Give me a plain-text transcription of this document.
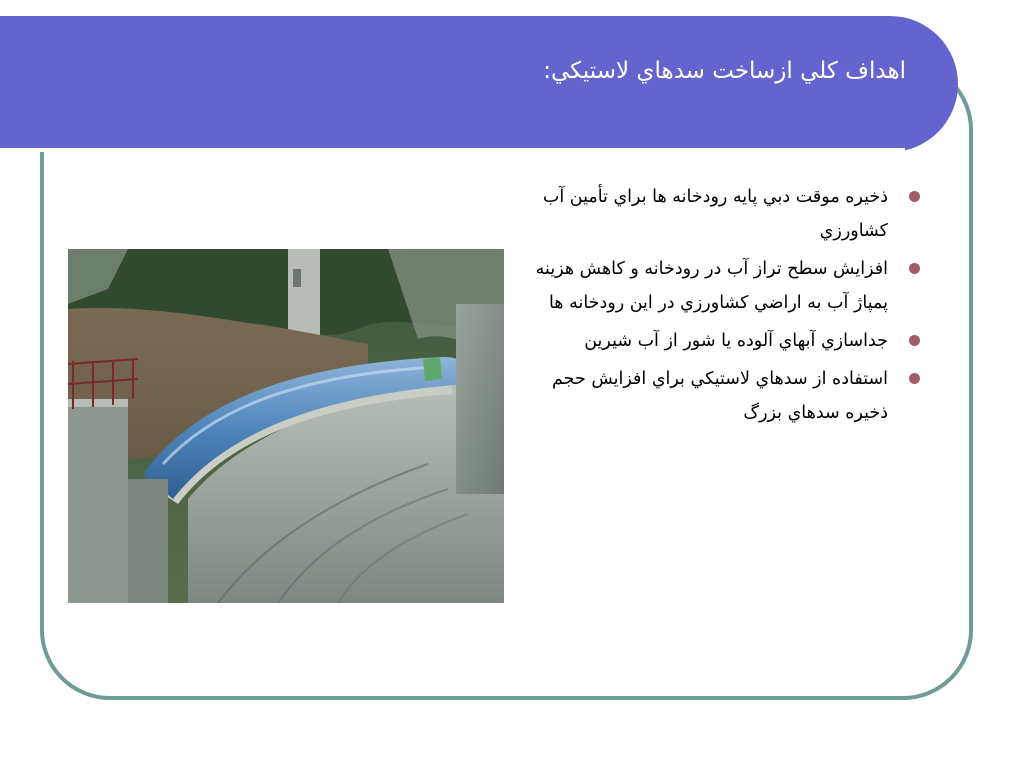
اهداف كلي ازساخت سدهاي لاستيكي:
ذخيره موقت دبي پايه رودخانه ها براي تأمين آب كشاورزي
افزايش سطح تراز آب در رودخانه و كاهش هزينه پمپاژ آب به اراضي كشاورزي در اين رودخانه ها
جداسازي آبهاي آلوده يا شور از آب شيرين
استفاده از سدهاي لاستيكي براي افزايش حجم ذخيره سدهاي بزرگ
